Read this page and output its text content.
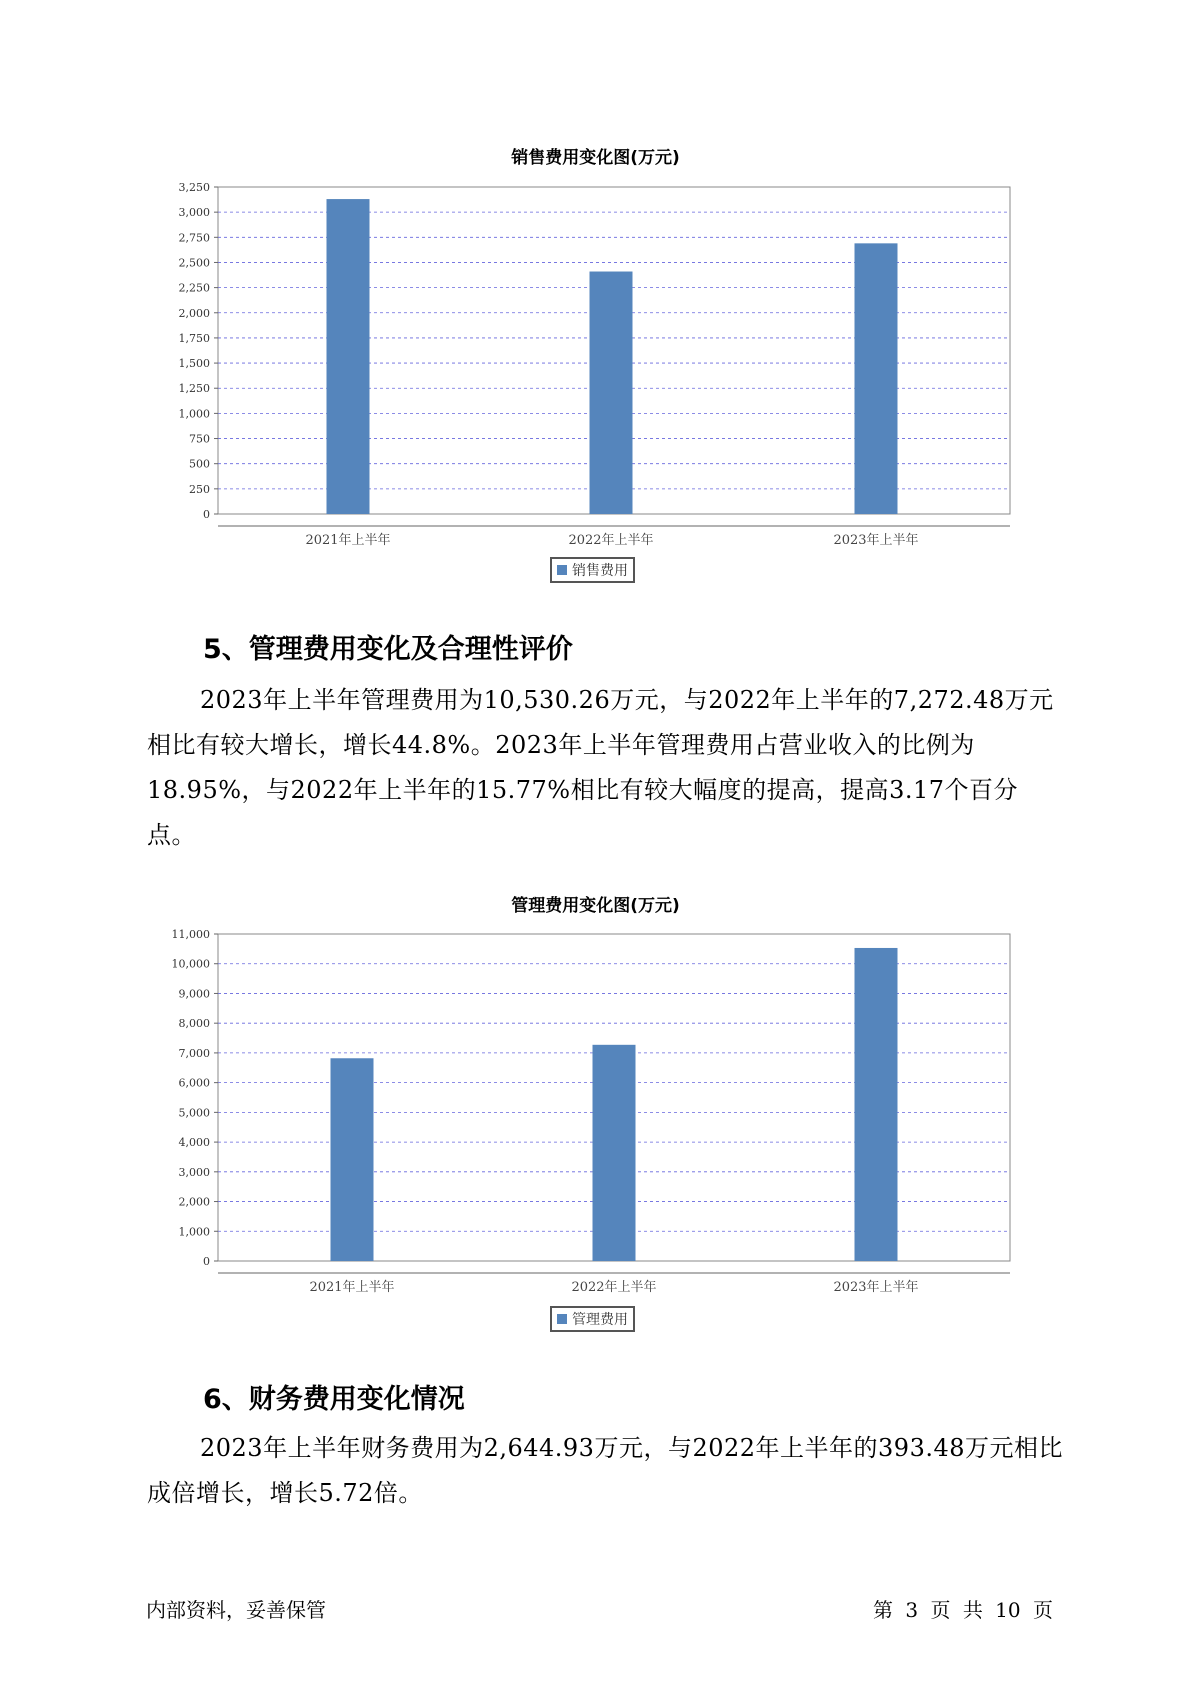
销售费用变化图(万元)
0
250
500
750
1,000
1,250
1,500
1,750
2,000
2,250
2,500
2,750
3,000
3,250
2021年上半年	2022年上半年	2023年上半年
销售费用
5、管理费用变化及合理性评价

2023年上半年管理费用为10,530.26万元，与2022年上半年的7,272.48万元相比有较大增长，增长44.8%。2023年上半年管理费用占营业收入的比例为18.95%，与2022年上半年的15.77%相比有较大幅度的提高，提高3.17个百分点。

管理费用变化图(万元)
0
1,000
2,000
3,000
4,000
5,000
6,000
7,000
8,000
9,000
10,000
11,000
2021年上半年	2022年上半年	2023年上半年
管理费用
6、财务费用变化情况

2023年上半年财务费用为2,644.93万元，与2022年上半年的393.48万元相比成倍增长，增长5.72倍。

内部资料，妥善保管	第 3 页 共 10 页
